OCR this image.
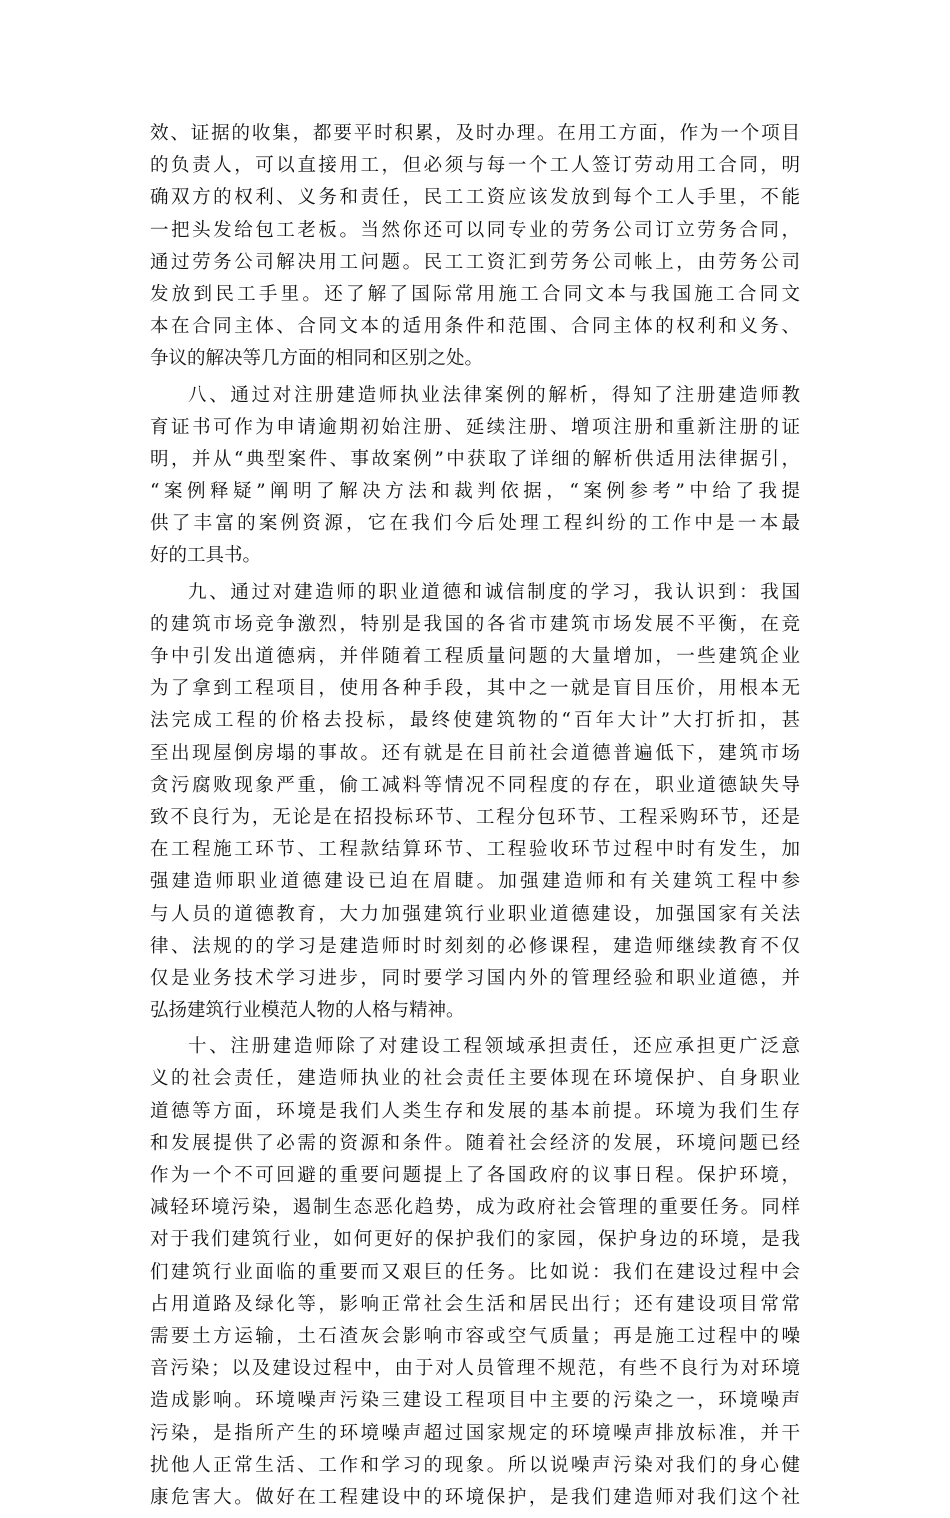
效、证据的收集，都要平时积累，及时办理。在用工方面，作为一个项目
的负责人，可以直接用工，但必须与每一个工人签订劳动用工合同，明
确双方的权利、义务和责任，民工工资应该发放到每个工人手里，不能
一把头发给包工老板。当然你还可以同专业的劳务公司订立劳务合同，
通过劳务公司解决用工问题。民工工资汇到劳务公司帐上，由劳务公司
发放到民工手里。还了解了国际常用施工合同文本与我国施工合同文
本在合同主体、合同文本的适用条件和范围、合同主体的权利和义务、
争议的解决等几方面的相同和区别之处。
八、通过对注册建造师执业法律案例的解析，得知了注册建造师教
育证书可作为申请逾期初始注册、延续注册、增项注册和重新注册的证
明，并从“典型案件、事故案例”中获取了详细的解析供适用法律据引，
“案例释疑”阐明了解决方法和裁判依据，“案例参考”中给了我提
供了丰富的案例资源，它在我们今后处理工程纠纷的工作中是一本最
好的工具书。
九、通过对建造师的职业道德和诚信制度的学习，我认识到：我国
的建筑市场竞争激烈，特别是我国的各省市建筑市场发展不平衡，在竞
争中引发出道德病，并伴随着工程质量问题的大量增加，一些建筑企业
为了拿到工程项目，使用各种手段，其中之一就是盲目压价，用根本无
法完成工程的价格去投标，最终使建筑物的“百年大计”大打折扣，甚
至出现屋倒房塌的事故。还有就是在目前社会道德普遍低下，建筑市场
贪污腐败现象严重，偷工减料等情况不同程度的存在，职业道德缺失导
致不良行为，无论是在招投标环节、工程分包环节、工程采购环节，还是
在工程施工环节、工程款结算环节、工程验收环节过程中时有发生，加
强建造师职业道德建设已迫在眉睫。加强建造师和有关建筑工程中参
与人员的道德教育，大力加强建筑行业职业道德建设，加强国家有关法
律、法规的的学习是建造师时时刻刻的必修课程，建造师继续教育不仅
仅是业务技术学习进步，同时要学习国内外的管理经验和职业道德，并
弘扬建筑行业模范人物的人格与精神。
十、注册建造师除了对建设工程领域承担责任，还应承担更广泛意
义的社会责任，建造师执业的社会责任主要体现在环境保护、自身职业
道德等方面，环境是我们人类生存和发展的基本前提。环境为我们生存
和发展提供了必需的资源和条件。随着社会经济的发展，环境问题已经
作为一个不可回避的重要问题提上了各国政府的议事日程。保护环境，
减轻环境污染，遏制生态恶化趋势，成为政府社会管理的重要任务。同样
对于我们建筑行业，如何更好的保护我们的家园，保护身边的环境，是我
们建筑行业面临的重要而又艰巨的任务。比如说：我们在建设过程中会
占用道路及绿化等，影响正常社会生活和居民出行；还有建设项目常常
需要土方运输，土石渣灰会影响市容或空气质量；再是施工过程中的噪
音污染；以及建设过程中，由于对人员管理不规范，有些不良行为对环境
造成影响。环境噪声污染三建设工程项目中主要的污染之一，环境噪声
污染，是指所产生的环境噪声超过国家规定的环境噪声排放标准，并干
扰他人正常生活、工作和学习的现象。所以说噪声污染对我们的身心健
康危害大。做好在工程建设中的环境保护，是我们建造师对我们这个社
